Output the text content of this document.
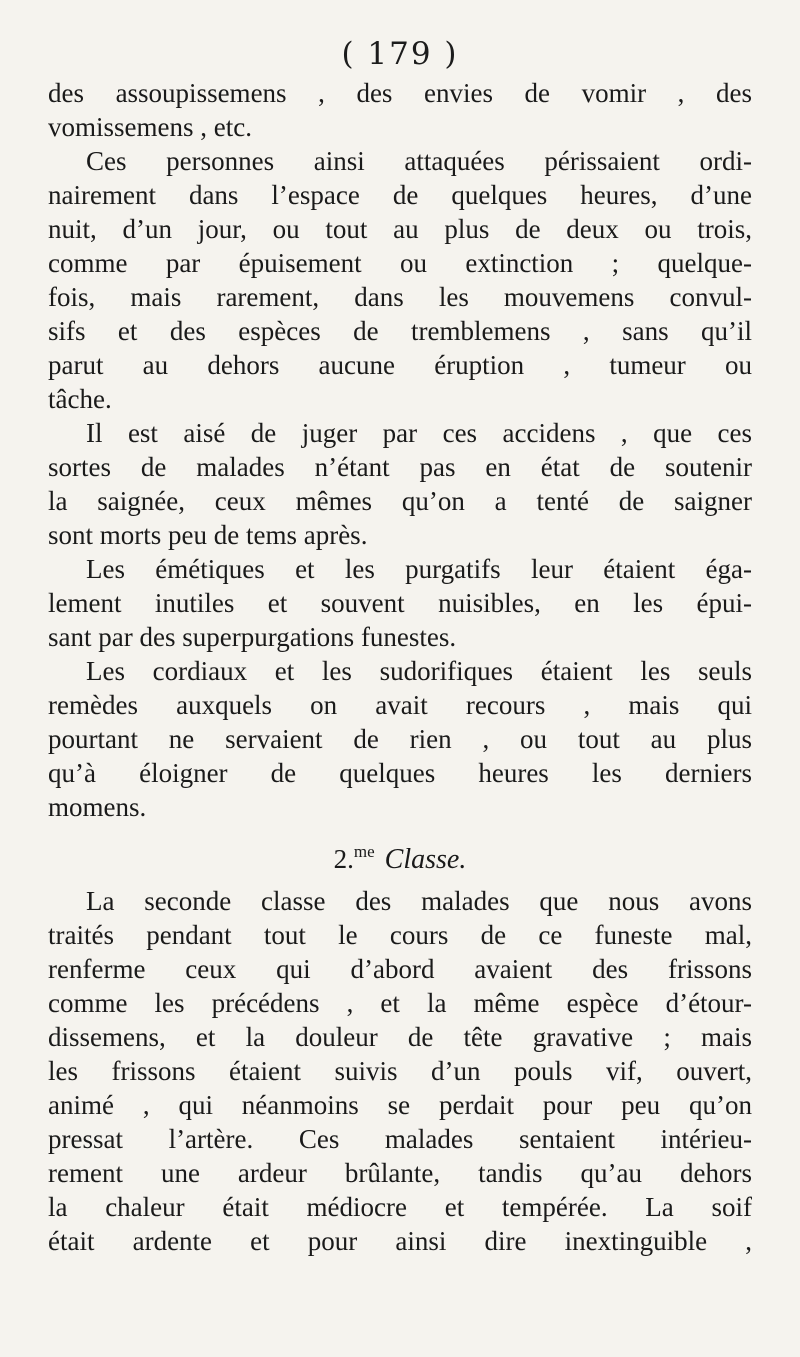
( 179 )
des assoupissemens , des envies de vomir , des
vomissemens , etc.
Ces personnes ainsi attaquées périssaient ordi-
nairement dans l’espace de quelques heures, d’une
nuit, d’un jour, ou tout au plus de deux ou trois,
comme par épuisement ou extinction ; quelque-
fois, mais rarement, dans les mouvemens convul-
sifs et des espèces de tremblemens , sans qu’il
parut au dehors aucune éruption , tumeur ou
tâche.
Il est aisé de juger par ces accidens , que ces
sortes de malades n’étant pas en état de soutenir
la saignée, ceux mêmes qu’on a tenté de saigner
sont morts peu de tems après.
Les émétiques et les purgatifs leur étaient éga-
lement inutiles et souvent nuisibles, en les épui-
sant par des superpurgations funestes.
Les cordiaux et les sudorifiques étaient les seuls
remèdes auxquels on avait recours , mais qui
pourtant ne servaient de rien , ou tout au plus
qu’à éloigner de quelques heures les derniers
momens.
2.$^{me}$ Classe.
La seconde classe des malades que nous avons
traités pendant tout le cours de ce funeste mal,
renferme ceux qui d’abord avaient des frissons
comme les précédens , et la même espèce d’étour-
dissemens, et la douleur de tête gravative ; mais
les frissons étaient suivis d’un pouls vif, ouvert,
animé , qui néanmoins se perdait pour peu qu’on
pressat l’artère. Ces malades sentaient intérieu-
rement une ardeur brûlante, tandis qu’au dehors
la chaleur était médiocre et tempérée. La soif
était ardente et pour ainsi dire inextinguible ,
